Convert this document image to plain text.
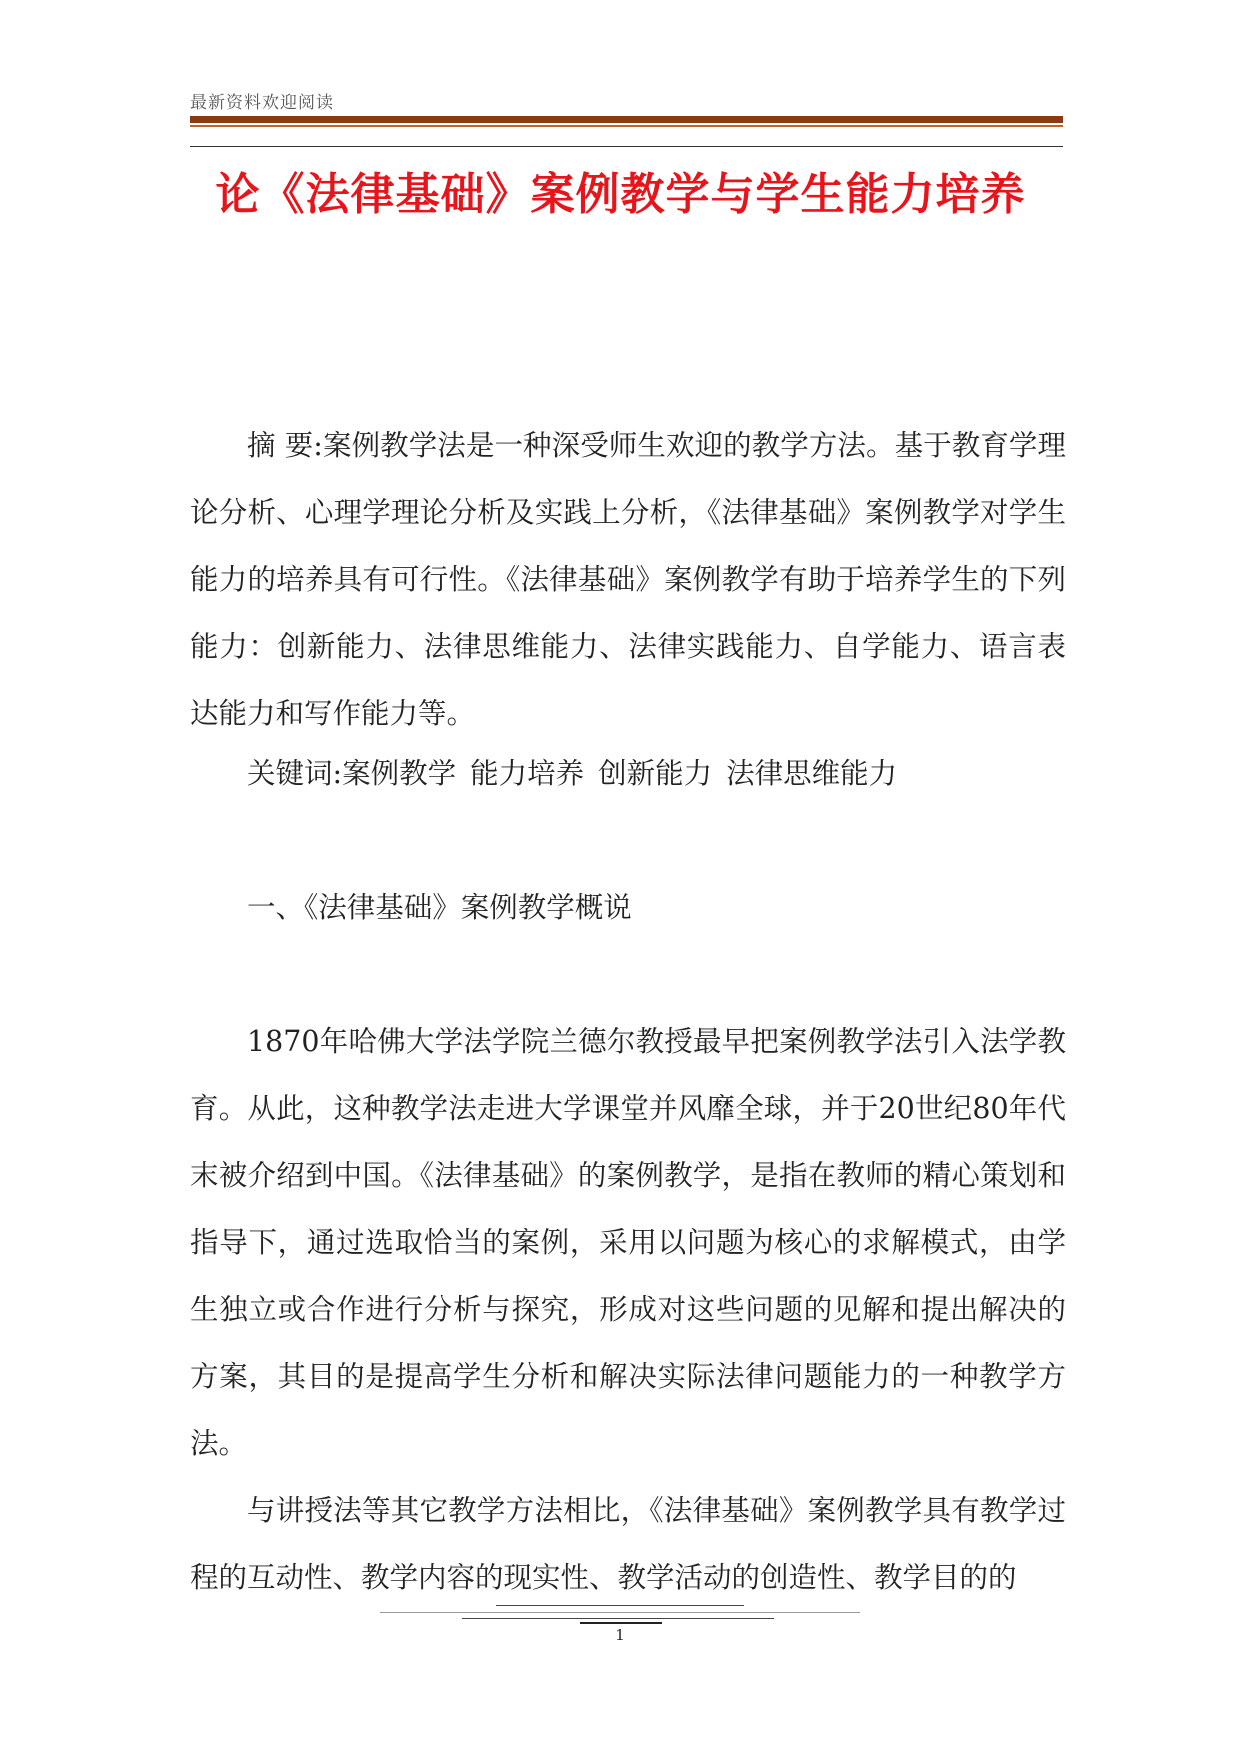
最新资料欢迎阅读
论《法律基础》案例教学与学生能力培养

摘 要:案例教学法是一种深受师生欢迎的教学方法。基于教育学理论分析、心理学理论分析及实践上分析，《法律基础》案例教学对学生能力的培养具有可行性。《法律基础》案例教学有助于培养学生的下列能力：创新能力、法律思维能力、法律实践能力、自学能力、语言表达能力和写作能力等。

关键词:案例教学 能力培养 创新能力 法律思维能力

一、《法律基础》案例教学概说

1870年哈佛大学法学院兰德尔教授最早把案例教学法引入法学教育。从此，这种教学法走进大学课堂并风靡全球，并于20世纪80年代末被介绍到中国。《法律基础》的案例教学，是指在教师的精心策划和指导下，通过选取恰当的案例，采用以问题为核心的求解模式，由学生独立或合作进行分析与探究，形成对这些问题的见解和提出解决的方案，其目的是提高学生分析和解决实际法律问题能力的一种教学方法。

与讲授法等其它教学方法相比，《法律基础》案例教学具有教学过程的互动性、教学内容的现实性、教学活动的创造性、教学目的的

1
